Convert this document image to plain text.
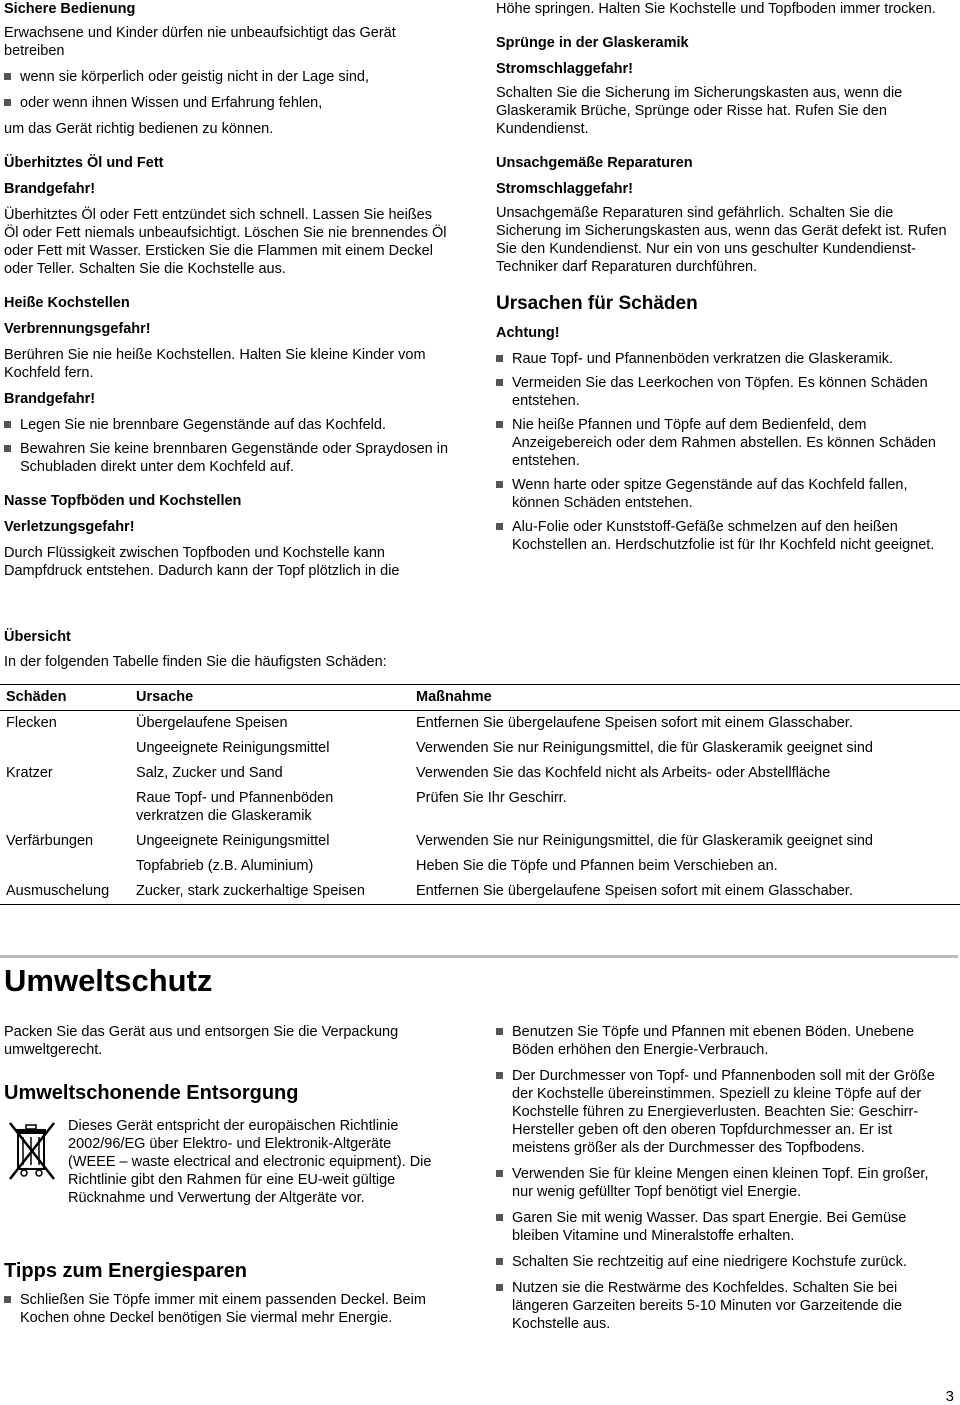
Sichere Bedienung

Erwachsene und Kinder dürfen nie unbeaufsichtigt das Gerät betreiben

wenn sie körperlich oder geistig nicht in der Lage sind,
oder wenn ihnen Wissen und Erfahrung fehlen,

um das Gerät richtig bedienen zu können.

Überhitztes Öl und Fett
Brandgefahr!

Überhitztes Öl oder Fett entzündet sich schnell. Lassen Sie heißes Öl oder Fett niemals unbeaufsichtigt. Löschen Sie nie brennendes Öl oder Fett mit Wasser. Ersticken Sie die Flammen mit einem Deckel oder Teller. Schalten Sie die Kochstelle aus.

Heiße Kochstellen
Verbrennungsgefahr!

Berühren Sie nie heiße Kochstellen. Halten Sie kleine Kinder vom Kochfeld fern.

Brandgefahr!
Legen Sie nie brennbare Gegenstände auf das Kochfeld.
Bewahren Sie keine brennbaren Gegenstände oder Spraydosen in Schubladen direkt unter dem Kochfeld auf.
Nasse Topfböden und Kochstellen
Verletzungsgefahr!

Durch Flüssigkeit zwischen Topfboden und Kochstelle kann Dampfdruck entstehen. Dadurch kann der Topf plötzlich in die

Höhe springen. Halten Sie Kochstelle und Topfboden immer trocken.

Sprünge in der Glaskeramik
Stromschlaggefahr!

Schalten Sie die Sicherung im Sicherungskasten aus, wenn die Glaskeramik Brüche, Sprünge oder Risse hat. Rufen Sie den Kundendienst.

Unsachgemäße Reparaturen
Stromschlaggefahr!

Unsachgemäße Reparaturen sind gefährlich. Schalten Sie die Sicherung im Sicherungskasten aus, wenn das Gerät defekt ist. Rufen Sie den Kundendienst. Nur ein von uns geschulter Kundendienst-Techniker darf Reparaturen durchführen.

Ursachen für Schäden
Achtung!
Raue Topf- und Pfannenböden verkratzen die Glaskeramik.
Vermeiden Sie das Leerkochen von Töpfen. Es können Schäden entstehen.
Nie heiße Pfannen und Töpfe auf dem Bedienfeld, dem Anzeigebereich oder dem Rahmen abstellen. Es können Schäden entstehen.
Wenn harte oder spitze Gegenstände auf das Kochfeld fallen, können Schäden entstehen.
Alu-Folie oder Kunststoff-Gefäße schmelzen auf den heißen Kochstellen an. Herdschutzfolie ist für Ihr Kochfeld nicht geeignet.
Übersicht

In der folgenden Tabelle finden Sie die häufigsten Schäden:

Schäden	Ursache	Maßnahme
Flecken	Übergelaufene Speisen	Entfernen Sie übergelaufene Speisen sofort mit einem Glasschaber.
	Ungeeignete Reinigungsmittel	Verwenden Sie nur Reinigungsmittel, die für Glaskeramik geeignet sind
Kratzer	Salz, Zucker und Sand	Verwenden Sie das Kochfeld nicht als Arbeits- oder Abstellfläche
	Raue Topf- und Pfannenböden verkratzen die Glaskeramik	Prüfen Sie Ihr Geschirr.
Verfärbungen	Ungeeignete Reinigungsmittel	Verwenden Sie nur Reinigungsmittel, die für Glaskeramik geeignet sind
	Topfabrieb (z.B. Aluminium)	Heben Sie die Töpfe und Pfannen beim Verschieben an.
Ausmuschelung	Zucker, stark zuckerhaltige Speisen	Entfernen Sie übergelaufene Speisen sofort mit einem Glasschaber.
Umweltschutz

Packen Sie das Gerät aus und entsorgen Sie die Verpackung umweltgerecht.

Umweltschonende Entsorgung

Dieses Gerät entspricht der europäischen Richtlinie 2002/96/EG über Elektro- und Elektronik-Altgeräte (WEEE – waste electrical and electronic equipment). Die Richtlinie gibt den Rahmen für eine EU-weit gültige Rücknahme und Verwertung der Altgeräte vor.

Tipps zum Energiesparen
Schließen Sie Töpfe immer mit einem passenden Deckel. Beim Kochen ohne Deckel benötigen Sie viermal mehr Energie.
Benutzen Sie Töpfe und Pfannen mit ebenen Böden. Unebene Böden erhöhen den Energie-Verbrauch.
Der Durchmesser von Topf- und Pfannenboden soll mit der Größe der Kochstelle übereinstimmen. Speziell zu kleine Töpfe auf der Kochstelle führen zu Energieverlusten. Beachten Sie: Geschirr-Hersteller geben oft den oberen Topfdurchmesser an. Er ist meistens größer als der Durchmesser des Topfbodens.
Verwenden Sie für kleine Mengen einen kleinen Topf. Ein großer, nur wenig gefüllter Topf benötigt viel Energie.
Garen Sie mit wenig Wasser. Das spart Energie. Bei Gemüse bleiben Vitamine und Mineralstoffe erhalten.
Schalten Sie rechtzeitig auf eine niedrigere Kochstufe zurück.
Nutzen sie die Restwärme des Kochfeldes. Schalten Sie bei längeren Garzeiten bereits 5-10 Minuten vor Garzeitende die Kochstelle aus.
3
